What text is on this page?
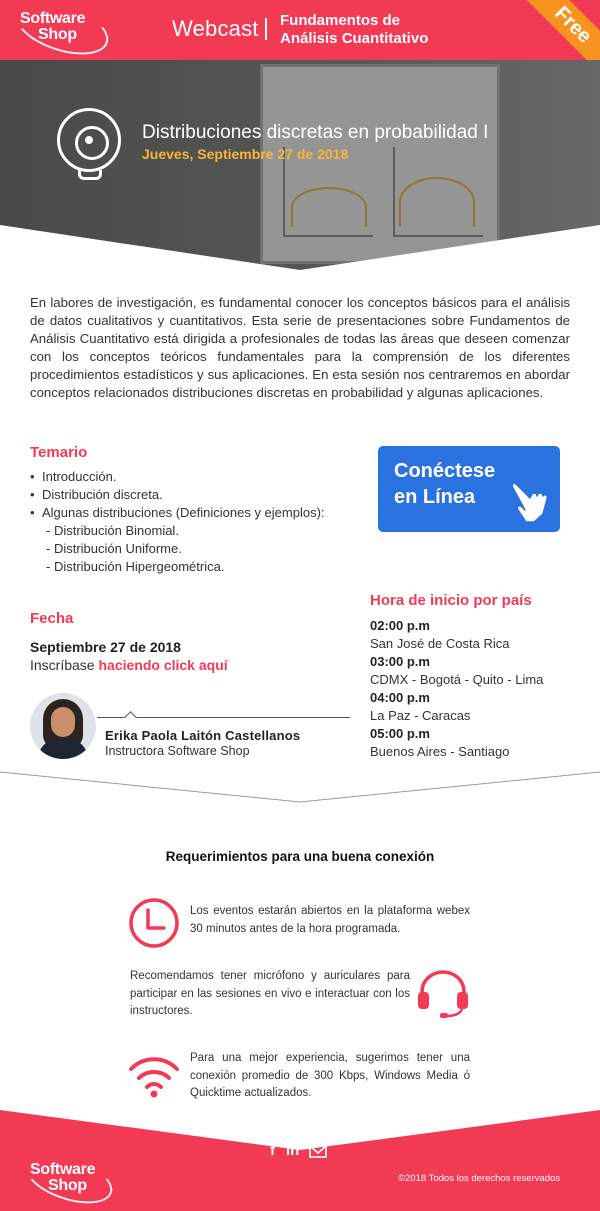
Software
Shop	Webcast Fundamentos de
Análisis Cuantitativo	Free
Distribuciones discretas en probabilidad I
Jueves, Septiembre 27 de 2018

En labores de investigación, es fundamental conocer los conceptos básicos para el análisis de datos cualitativos y cuantitativos. Esta serie de presentaciones sobre Fundamentos de Análisis Cuantitativo está dirigida a profesionales de todas las áreas que deseen comenzar con los conceptos teóricos fundamentales para la comprensión de los diferentes procedimientos estadísticos y sus aplicaciones. En esta sesión nos centraremos en abordar conceptos relacionados distribuciones discretas en probabilidad y algunas aplicaciones.

Temario
• Introducción.
• Distribución discreta.
• Algunas distribuciones (Definiciones y ejemplos):
- Distribución Binomial.
- Distribución Uniforme.
- Distribución Hipergeométrica.
Fecha
Septiembre 27 de 2018
Inscríbase haciendo click aquí
Erika Paola Laitón Castellanos
Instructora Software Shop
Conéctese
en Línea
Hora de inicio por país
02:00 p.m
San José de Costa Rica
03:00 p.m
CDMX - Bogotá - Quito - Lima
04:00 p.m
La Paz - Caracas
05:00 p.m
Buenos Aires - Santiago
Requerimientos para una buena conexión
Los eventos estarán abiertos en la plataforma webex 30 minutos antes de la hora programada.
Recomendamos tener micrófono y auriculares para participar en las sesiones en vivo e interactuar con los instructores.
Para una mejor experiencia, sugerimos tener una conexión promedio de 300 Kbps, Windows Media ó Quicktime actualizados.
Software
Shop
f in
©2018 Todos los derechos reservados
